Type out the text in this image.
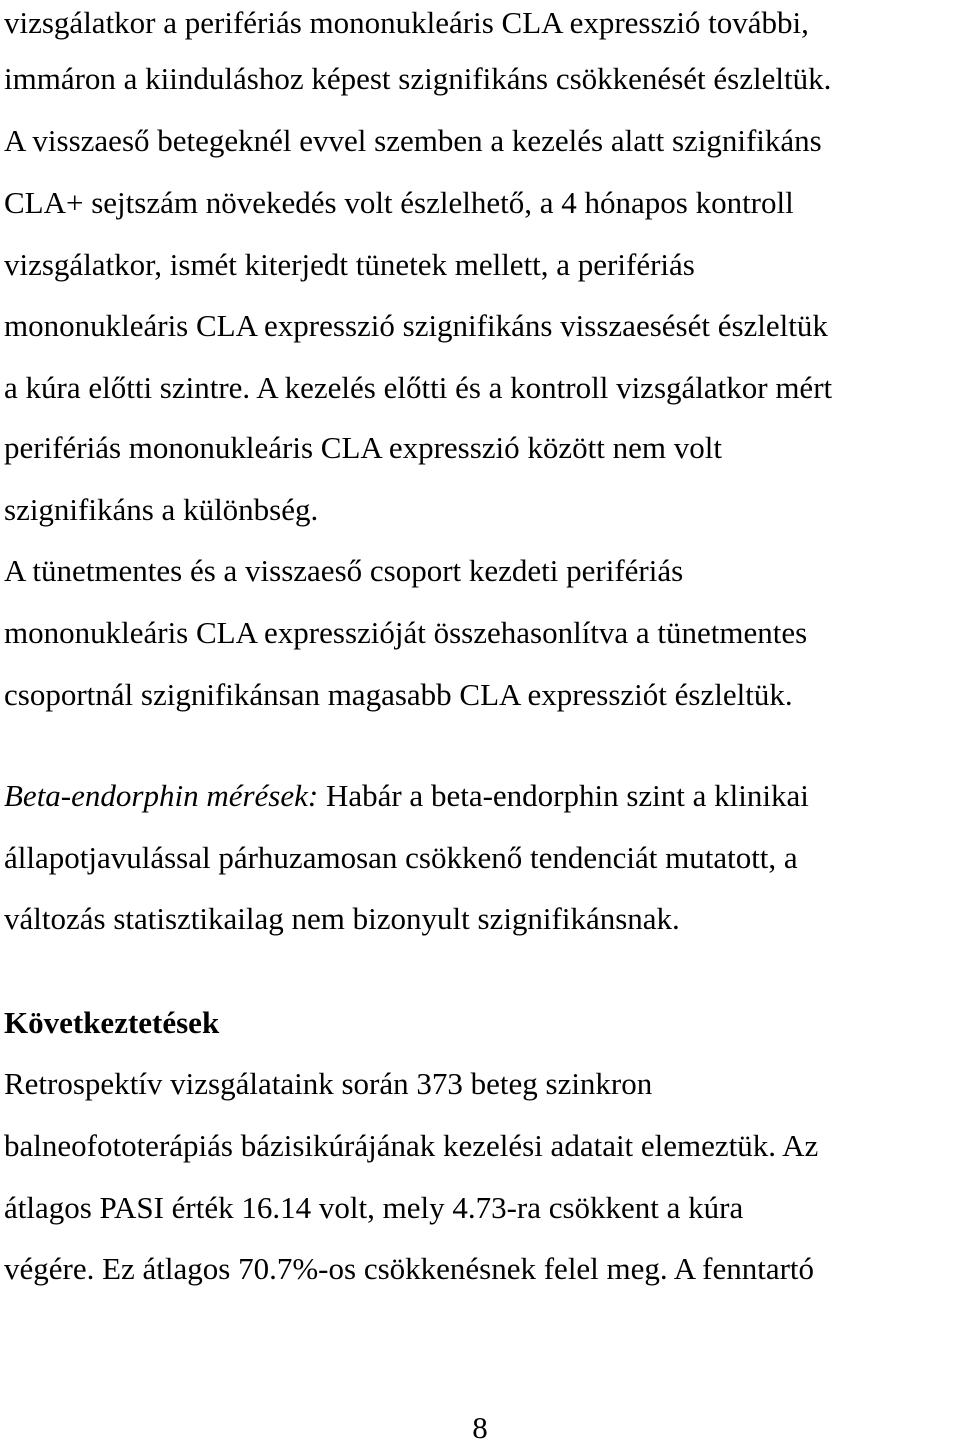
vizsgálatkor a perifériás mononukleáris CLA expresszió további,
immáron a kiinduláshoz képest szignifikáns csökkenését észleltük.
A visszaeső betegeknél evvel szemben a kezelés alatt szignifikáns
CLA+ sejtszám növekedés volt észlelhető, a 4 hónapos kontroll
vizsgálatkor, ismét kiterjedt tünetek mellett, a perifériás
mononukleáris CLA expresszió szignifikáns visszaesését észleltük
a kúra előtti szintre. A kezelés előtti és a kontroll vizsgálatkor mért
perifériás mononukleáris CLA expresszió között nem volt
szignifikáns a különbség.
A tünetmentes és a visszaeső csoport kezdeti perifériás
mononukleáris CLA expresszióját összehasonlítva a tünetmentes
csoportnál szignifikánsan magasabb CLA expressziót észleltük.
Beta-endorphin mérések: Habár a beta-endorphin szint a klinikai
állapotjavulással párhuzamosan csökkenő tendenciát mutatott, a
változás statisztikailag nem bizonyult szignifikánsnak.
Következtetések
Retrospektív vizsgálataink során 373 beteg szinkron
balneofototerápiás bázisikúrájának kezelési adatait elemeztük. Az
átlagos PASI érték 16.14 volt, mely 4.73-ra csökkent a kúra
végére. Ez átlagos 70.7%-os csökkenésnek felel meg. A fenntartó
8
